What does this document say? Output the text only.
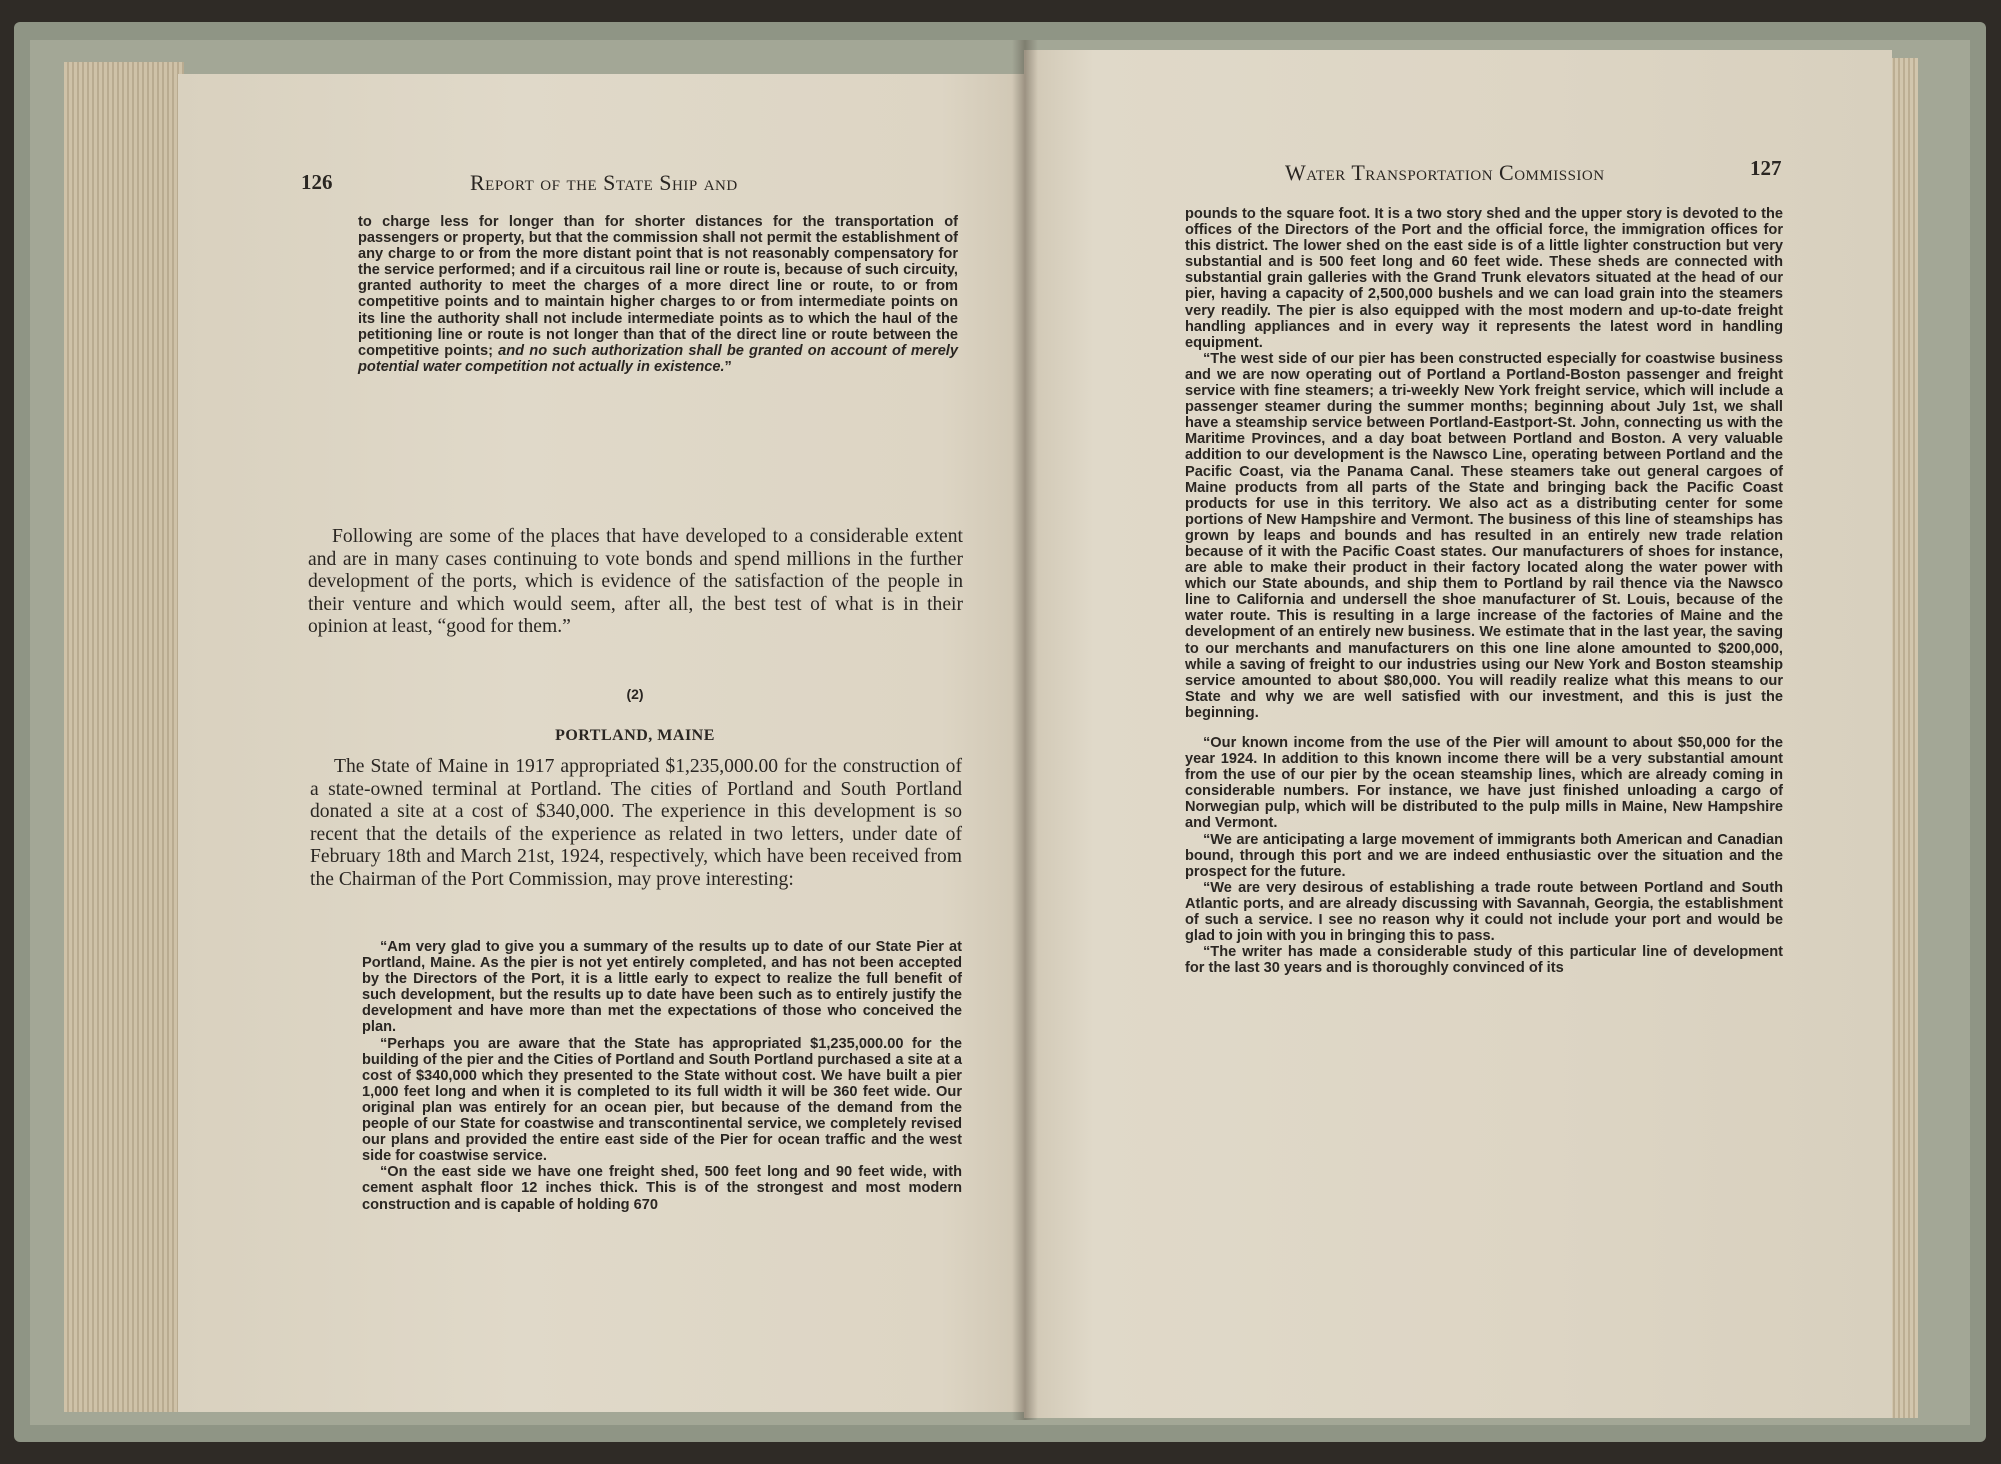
126	Report of the State Ship and

to charge less for longer than for shorter distances for the transportation of passengers or property, but that the commission shall not permit the establishment of any charge to or from the more distant point that is not reasonably compensatory for the service performed; and if a circuitous rail line or route is, because of such circuity, granted authority to meet the charges of a more direct line or route, to or from competitive points and to maintain higher charges to or from intermediate points on its line the authority shall not include intermediate points as to which the haul of the petitioning line or route is not longer than that of the direct line or route between the competitive points; and no such authorization shall be granted on account of merely potential water competition not actually in existence.”

Following are some of the places that have developed to a considerable extent and are in many cases continuing to vote bonds and spend millions in the further development of the ports, which is evidence of the satisfaction of the people in their venture and which would seem, after all, the best test of what is in their opinion at least, “good for them.”

(2)
PORTLAND, MAINE

The State of Maine in 1917 appropriated $1,235,000.00 for the construction of a state-owned terminal at Portland. The cities of Portland and South Portland donated a site at a cost of $340,000. The experience in this development is so recent that the details of the experience as related in two letters, under date of February 18th and March 21st, 1924, respectively, which have been received from the Chairman of the Port Commission, may prove interesting:

“Am very glad to give you a summary of the results up to date of our State Pier at Portland, Maine. As the pier is not yet entirely completed, and has not been accepted by the Directors of the Port, it is a little early to expect to realize the full benefit of such development, but the results up to date have been such as to entirely justify the development and have more than met the expectations of those who conceived the plan.

“Perhaps you are aware that the State has appropriated $1,235,000.00 for the building of the pier and the Cities of Portland and South Portland purchased a site at a cost of $340,000 which they presented to the State without cost. We have built a pier 1,000 feet long and when it is completed to its full width it will be 360 feet wide. Our original plan was entirely for an ocean pier, but because of the demand from the people of our State for coastwise and transcontinental service, we completely revised our plans and provided the entire east side of the Pier for ocean traffic and the west side for coastwise service.

“On the east side we have one freight shed, 500 feet long and 90 feet wide, with cement asphalt floor 12 inches thick. This is of the strongest and most modern construction and is capable of holding 670

Water Transportation Commission	127

pounds to the square foot. It is a two story shed and the upper story is devoted to the offices of the Directors of the Port and the official force, the immigration offices for this district. The lower shed on the east side is of a little lighter construction but very substantial and is 500 feet long and 60 feet wide. These sheds are connected with substantial grain galleries with the Grand Trunk elevators situated at the head of our pier, having a capacity of 2,500,000 bushels and we can load grain into the steamers very readily. The pier is also equipped with the most modern and up-to-date freight handling appliances and in every way it represents the latest word in handling equipment.

“The west side of our pier has been constructed especially for coastwise business and we are now operating out of Portland a Portland-Boston passenger and freight service with fine steamers; a tri-weekly New York freight service, which will include a passenger steamer during the summer months; beginning about July 1st, we shall have a steamship service between Portland-Eastport-St. John, connecting us with the Maritime Provinces, and a day boat between Portland and Boston. A very valuable addition to our development is the Nawsco Line, operating between Portland and the Pacific Coast, via the Panama Canal. These steamers take out general cargoes of Maine products from all parts of the State and bringing back the Pacific Coast products for use in this territory. We also act as a distributing center for some portions of New Hampshire and Vermont. The business of this line of steamships has grown by leaps and bounds and has resulted in an entirely new trade relation because of it with the Pacific Coast states. Our manufacturers of shoes for instance, are able to make their product in their factory located along the water power with which our State abounds, and ship them to Portland by rail thence via the Nawsco line to California and undersell the shoe manufacturer of St. Louis, because of the water route. This is resulting in a large increase of the factories of Maine and the development of an entirely new business. We estimate that in the last year, the saving to our merchants and manufacturers on this one line alone amounted to $200,000, while a saving of freight to our industries using our New York and Boston steamship service amounted to about $80,000. You will readily realize what this means to our State and why we are well satisfied with our investment, and this is just the beginning.

“Our known income from the use of the Pier will amount to about $50,000 for the year 1924. In addition to this known income there will be a very substantial amount from the use of our pier by the ocean steamship lines, which are already coming in considerable numbers. For instance, we have just finished unloading a cargo of Norwegian pulp, which will be distributed to the pulp mills in Maine, New Hampshire and Vermont.

“We are anticipating a large movement of immigrants both American and Canadian bound, through this port and we are indeed enthusiastic over the situation and the prospect for the future.

“We are very desirous of establishing a trade route between Portland and South Atlantic ports, and are already discussing with Savannah, Georgia, the establishment of such a service. I see no reason why it could not include your port and would be glad to join with you in bringing this to pass.

“The writer has made a considerable study of this particular line of development for the last 30 years and is thoroughly convinced of its
